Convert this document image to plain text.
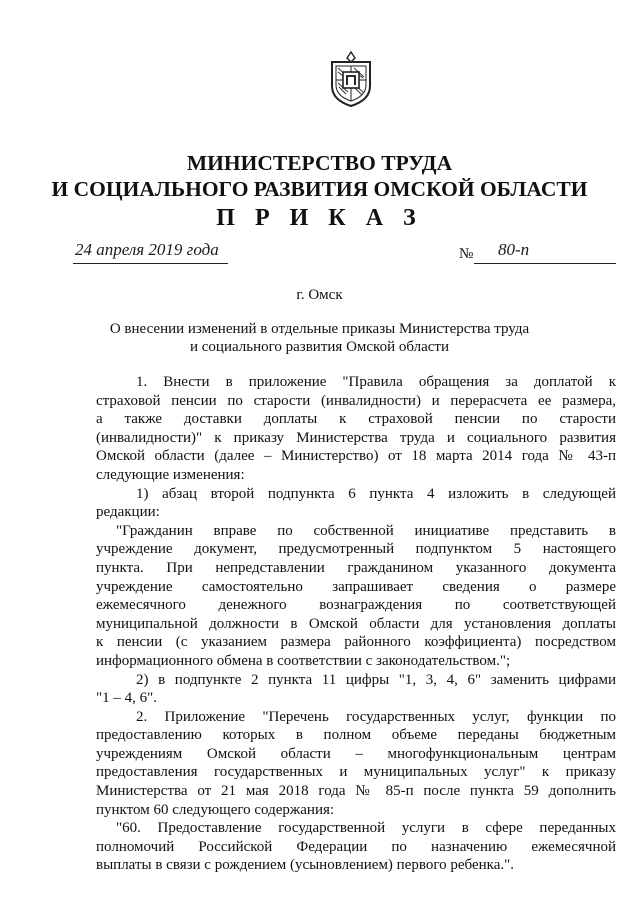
МИНИСТЕРСТВО ТРУДА
И СОЦИАЛЬНОГО РАЗВИТИЯ ОМСКОЙ ОБЛАСТИ
П Р И К А З
24 апреля 2019 года	№ 80-п
г. Омск
О внесении изменений в отдельные приказы Министерства труда
и социального развития Омской области
1. Внести в приложение "Правила обращения за доплатой к
страховой пенсии по старости (инвалидности) и перерасчета ее размера,
а также доставки доплаты к страховой пенсии по старости
(инвалидности)" к приказу Министерства труда и социального развития
Омской области (далее – Министерство) от 18 марта 2014 года № 43-п
следующие изменения:
1) абзац второй подпункта 6 пункта 4 изложить в следующей
редакции:
"Гражданин вправе по собственной инициативе представить в
учреждение документ, предусмотренный подпунктом 5 настоящего
пункта. При непредставлении гражданином указанного документа
учреждение самостоятельно запрашивает сведения о размере
ежемесячного денежного вознаграждения по соответствующей
муниципальной должности в Омской области для установления доплаты
к пенсии (с указанием размера районного коэффициента) посредством
информационного обмена в соответствии с законодательством.";
2) в подпункте 2 пункта 11 цифры "1, 3, 4, 6" заменить цифрами
"1 – 4, 6".
2. Приложение "Перечень государственных услуг, функции по
предоставлению которых в полном объеме переданы бюджетным
учреждениям Омской области – многофункциональным центрам
предоставления государственных и муниципальных услуг" к приказу
Министерства от 21 мая 2018 года № 85-п после пункта 59 дополнить
пунктом 60 следующего содержания:
"60. Предоставление государственной услуги в сфере переданных
полномочий Российской Федерации по назначению ежемесячной
выплаты в связи с рождением (усыновлением) первого ребенка.".
